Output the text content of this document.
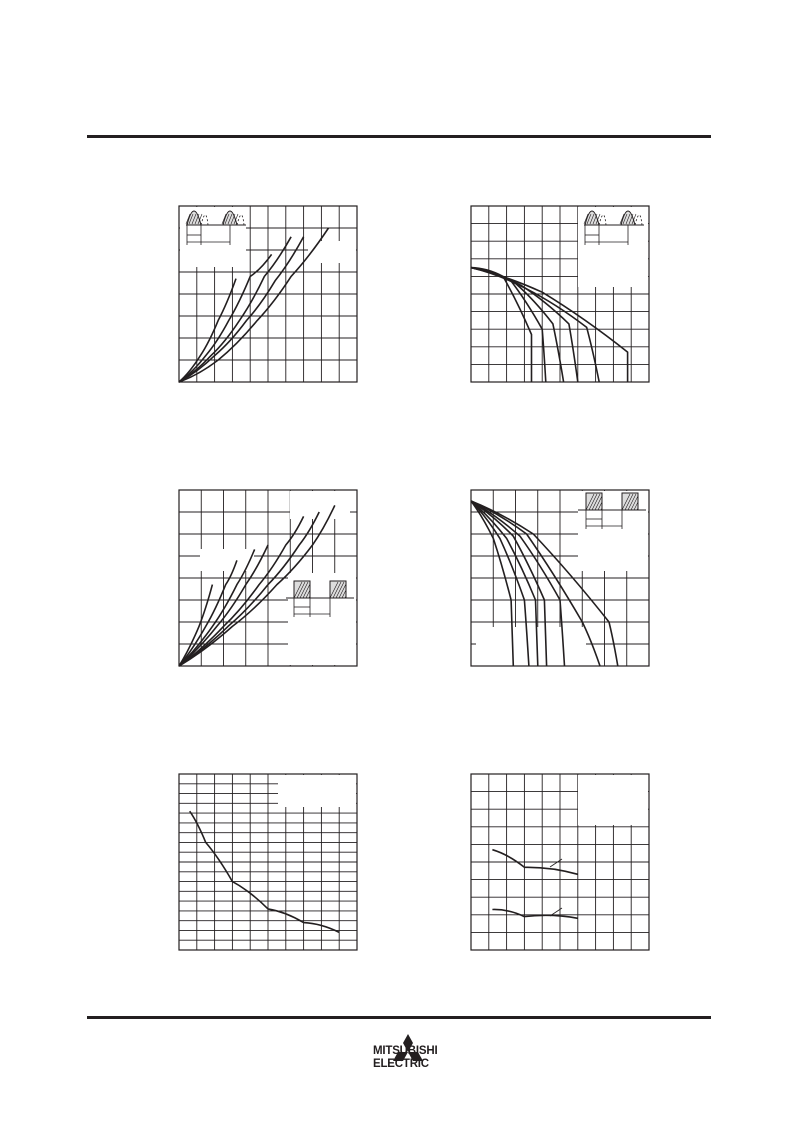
MITSUBISHI
ELECTRIC
